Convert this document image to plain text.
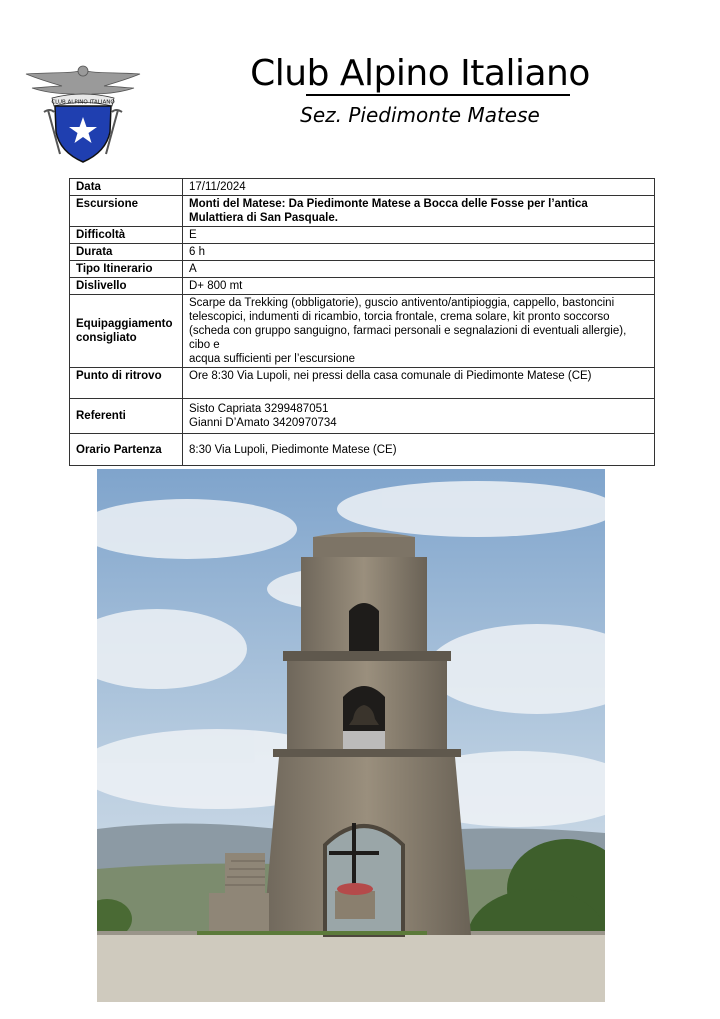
CLUB ALPINO ITALIANO
Club Alpino Italiano
Sez. Piedimonte Matese
Data	17/11/2024

Escursione	Monti del Matese: Da Piedimonte Matese a Bocca delle Fosse per l’antica
Mulattiera di San Pasquale.

Difficoltà	E

Durata	6 h

Tipo Itinerario	A

Dislivello	D+ 800 mt

Equipaggiamento consigliato	Scarpe da Trekking (obbligatorie), guscio antivento/antipioggia, cappello, bastoncini
telescopici, indumenti di ricambio, torcia frontale, crema solare, kit pronto soccorso
(scheda con gruppo sanguigno, farmaci personali e segnalazioni di eventuali allergie), cibo e
acqua sufficienti per l’escursione

Punto di ritrovo	Ore 8:30 Via Lupoli, nei pressi della casa comunale di Piedimonte Matese (CE)

Referenti	Sisto Capriata 3299487051
Gianni D’Amato 3420970734

Orario Partenza	8:30 Via Lupoli, Piedimonte Matese (CE)
